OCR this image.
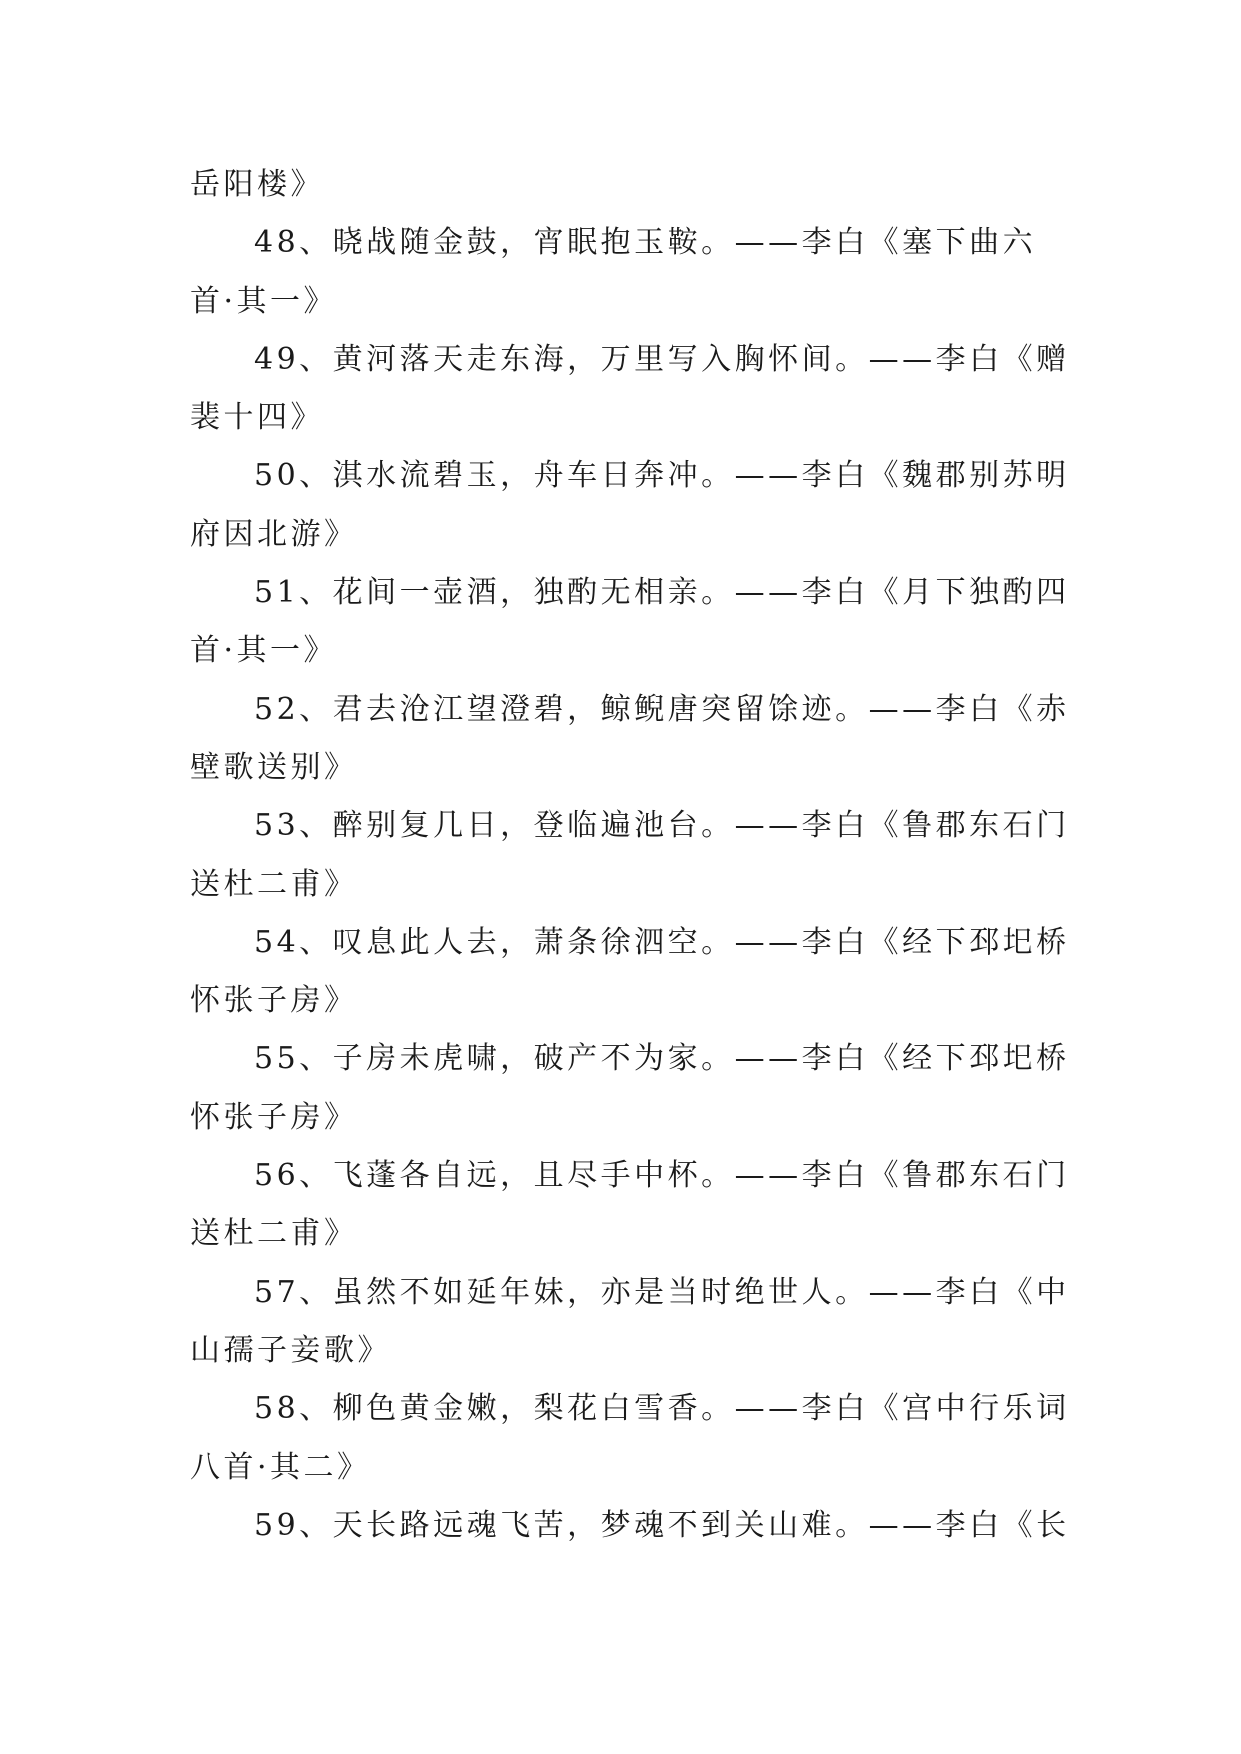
岳阳楼》
48、晓战随金鼓，宵眠抱玉鞍。——李白《塞下曲六
首·其一》
49、黄河落天走东海，万里写入胸怀间。——李白《赠
裴十四》
50、淇水流碧玉，舟车日奔冲。——李白《魏郡别苏明
府因北游》
51、花间一壶酒，独酌无相亲。——李白《月下独酌四
首·其一》
52、君去沧江望澄碧，鲸鲵唐突留馀迹。——李白《赤
壁歌送别》
53、醉别复几日，登临遍池台。——李白《鲁郡东石门
送杜二甫》
54、叹息此人去，萧条徐泗空。——李白《经下邳圯桥
怀张子房》
55、子房未虎啸，破产不为家。——李白《经下邳圯桥
怀张子房》
56、飞蓬各自远，且尽手中杯。——李白《鲁郡东石门
送杜二甫》
57、虽然不如延年妹，亦是当时绝世人。——李白《中
山孺子妾歌》
58、柳色黄金嫩，梨花白雪香。——李白《宫中行乐词
八首·其二》
59、天长路远魂飞苦，梦魂不到关山难。——李白《长
